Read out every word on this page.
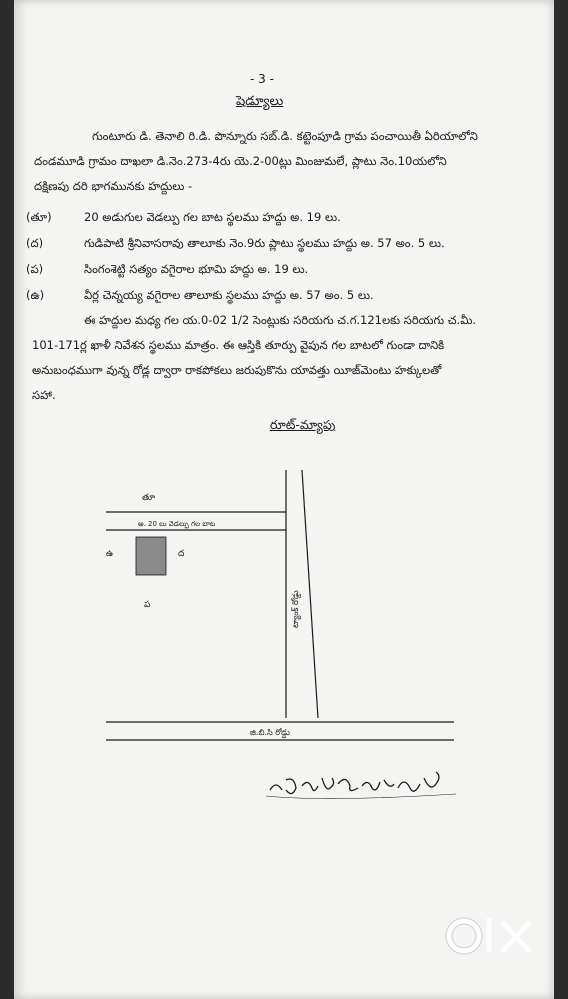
- 3 -
షెడ్యూలు
గుంటూరు డి. తెనాలి రి.డి. పొన్నూరు సబ్.డి. కట్టెంపూడి గ్రామ పంచాయితీ ఏరియాలోని
దండమూడి గ్రామం దాఖలా డి.నెం.273-4రు యె.2-00ట్లు మింజుమలే, ప్లాటు నెం.10యలోని
దక్షిణపు దరి భాగమునకు హద్దులు -
(తూ)	20 అడుగుల వెడల్పు గల బాట స్థలము హద్దు అ. 19 లు.
(ద)	గుడిపాటి శ్రీనివాసరావు తాలూకు నెం.9రు ప్లాటు స్థలము హద్దు అ. 57 అం. 5 లు.
(ప)	సింగంశెట్టి సత్యం వగైరాల భూమి హద్దు అ. 19 లు.
(ఉ)	వీర్ల చెన్నయ్య వగైరాల తాలూకు స్థలము హద్దు అ. 57 అం. 5 లు.
ఈ హద్దుల మధ్య గల య.0-02 1/2 సెంట్లుకు సరియగు చ.గ.121లకు సరియగు చ.మీ.
101-171ర్ల ఖాళీ నివేశన స్థలము మాత్రం. ఈ ఆస్తికి తూర్పు వైపున గల బాటలో గుండా దానికి
అనుబంధముగా వున్న రోడ్ల ద్వారా రాకపోకలు జరుపుకొను యావత్తు యీజ్‌మెంటు హక్కులతో
సహా.
రూట్-మ్యాపు
తూ
అ. 20 లు వెడల్పు గల బాట
ఉ	ద
ప	ట్యాంక్ రోడ్డు
జి.బి.సి రోడ్డు
